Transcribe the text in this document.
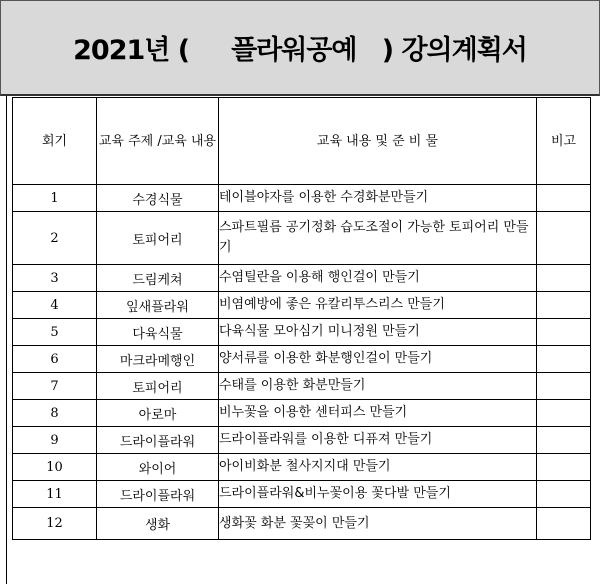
2021년 (     플라워공예   ) 강의계획서
회기	교육 주제 /교육 내용	교육 내용 및 준 비 물	비고
1	수경식물	테이블야자를 이용한 수경화분만들기	
2	토피어리	스파트필름 공기정화 습도조절이 가능한 토피어리 만들기	
3	드림케쳐	수염틸란을 이용해 행인걸이 만들기	
4	잎새플라워	비염예방에 좋은 유칼리투스리스 만들기	
5	다육식물	다육식물 모아심기 미니정원 만들기	
6	마크라메행인	양서류를 이용한 화분행인걸이 만들기	
7	토피어리	수태를 이용한 화분만들기	
8	아로마	비누꽃을 이용한 센터피스 만들기	
9	드라이플라워	드라이플라워를 이용한 디퓨져 만들기	
10	와이어	아이비화분 철사지지대 만들기	
11	드라이플라워	드라이플라워&비누꽃이용 꽃다발 만들기	
12	생화	생화꽃 화분 꽃꽂이 만들기	
